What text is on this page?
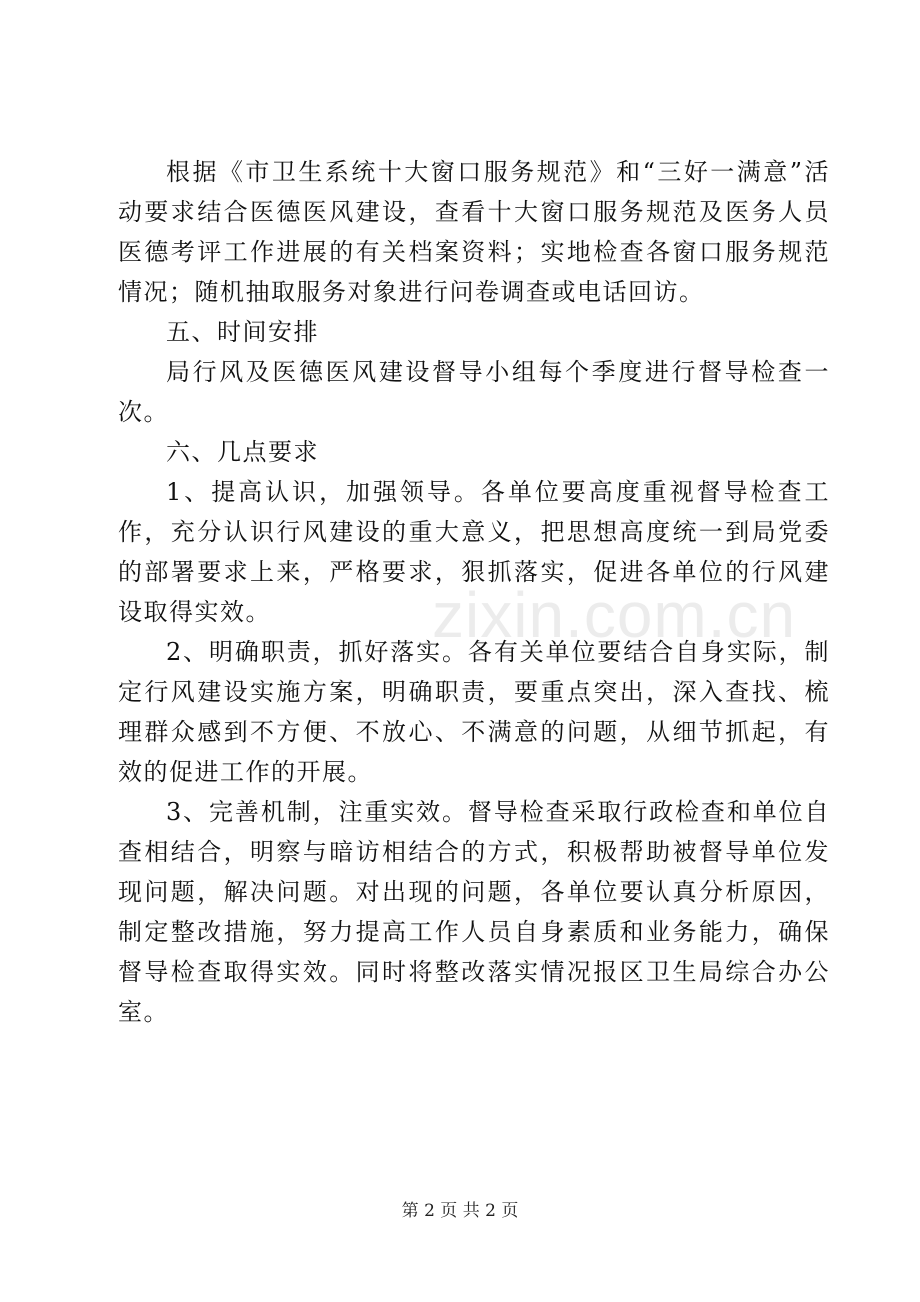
根据《市卫生系统十大窗口服务规范》和“三好一满意”活动要求结合医德医风建设，查看十大窗口服务规范及医务人员医德考评工作进展的有关档案资料；实地检查各窗口服务规范情况；随机抽取服务对象进行问卷调查或电话回访。

五、时间安排

局行风及医德医风建设督导小组每个季度进行督导检查一次。

六、几点要求

1、提高认识，加强领导。各单位要高度重视督导检查工作，充分认识行风建设的重大意义，把思想高度统一到局党委的部署要求上来，严格要求，狠抓落实，促进各单位的行风建设取得实效。

2、明确职责，抓好落实。各有关单位要结合自身实际，制定行风建设实施方案，明确职责，要重点突出，深入查找、梳理群众感到不方便、不放心、不满意的问题，从细节抓起，有效的促进工作的开展。

3、完善机制，注重实效。督导检查采取行政检查和单位自查相结合，明察与暗访相结合的方式，积极帮助被督导单位发现问题，解决问题。对出现的问题，各单位要认真分析原因，制定整改措施，努力提高工作人员自身素质和业务能力，确保督导检查取得实效。同时将整改落实情况报区卫生局综合办公室。

zixin.com.cn
第 2 页 共 2 页
